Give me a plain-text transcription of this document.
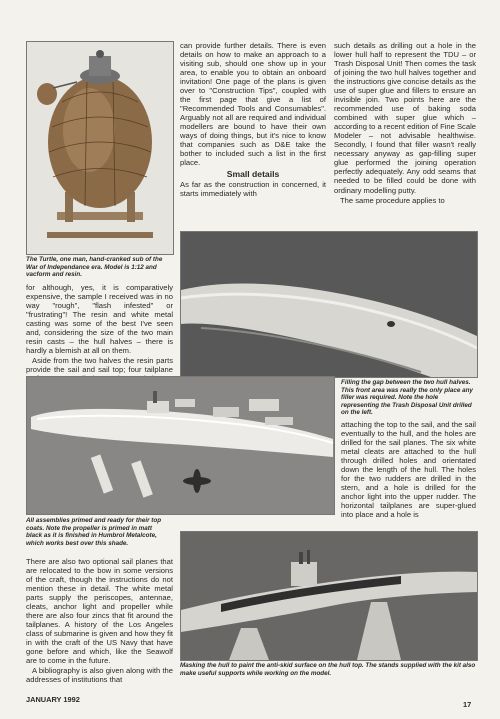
The Turtle, one man, hand-cranked sub of the War of Independance era. Model is 1:12 and vacform and resin.

for although, yes, it is comparatively expensive, the sample I received was in no way "rough", "flash infested" or "frustrating"! The resin and white metal casting was some of the best I've seen and, considering the size of the two main resin casts – the hull halves – there is hardly a blemish at all on them.

Aside from the two halves the resin parts provide the sail and sail top; four tailplane

can provide further details. There is even details on how to make an approach to a visiting sub, should one show up in your area, to enable you to obtain an onboard invitation! One page of the plans is given over to "Construction Tips", coupled with the first page that give a list of "Recommended Tools and Consumables". Arguably not all are required and individual modellers are bound to have their own ways of doing things, but it's nice to know that companies such as D&E take the bother to included such a list in the first place.

Small details

As far as the construction in concerned, it starts immediately with

such details as drilling out a hole in the lower hull half to represent the TDU – or Trash Disposal Unit! Then comes the task of joining the two hull halves together and the instructions give concise details as the use of super glue and fillers to ensure an invisible join. Two points here are the recommended use of baking soda combined with super glue which – according to a recent edition of Fine Scale Modeler – not advisable healthwise. Secondly, I found that filler wasn't really necessary anyway as gap-filling super glue performed the joining operation perfectly adequately. Any odd seams that needed to be filled could be done with ordinary modelling putty.

The same procedure applies to

Filling the gap between the two hull halves. This front area was really the only place any filler was required. Note the hole representing the Trash Disposal Unit drilled on the left.

attaching the top to the sail, and the sail eventually to the hull, and the holes are drilled for the sail planes. The six white metal cleats are attached to the hull through drilled holes and orientated down the length of the hull. The holes for the two rudders are drilled in the stern, and a hole is drilled for the anchor light into the upper rudder. The horizontal tailplanes are super-glued into place and a hole is

All assemblies primed and ready for their top coats. Note the propeller is primed in matt black as it is finished in Humbrol Metalcote, which works best over this shade.

There are also two optional sail planes that are relocated to the bow in some versions of the craft, though the instructions do not mention these in detail. The white metal parts supply the periscopes, antennae, cleats, anchor light and propeller while there are also four zincs that fit around the tailplanes. A history of the Los Angeles class of submarine is given and how they fit in with the craft of the US Navy that have gone before and which, like the Seawolf are to come in the future.

A bibliography is also given along with the addresses of institutions that

Masking the hull to paint the anti-skid surface on the hull top. The stands supplied with the kit also make useful supports while working on the model.

JANUARY 1992
17
